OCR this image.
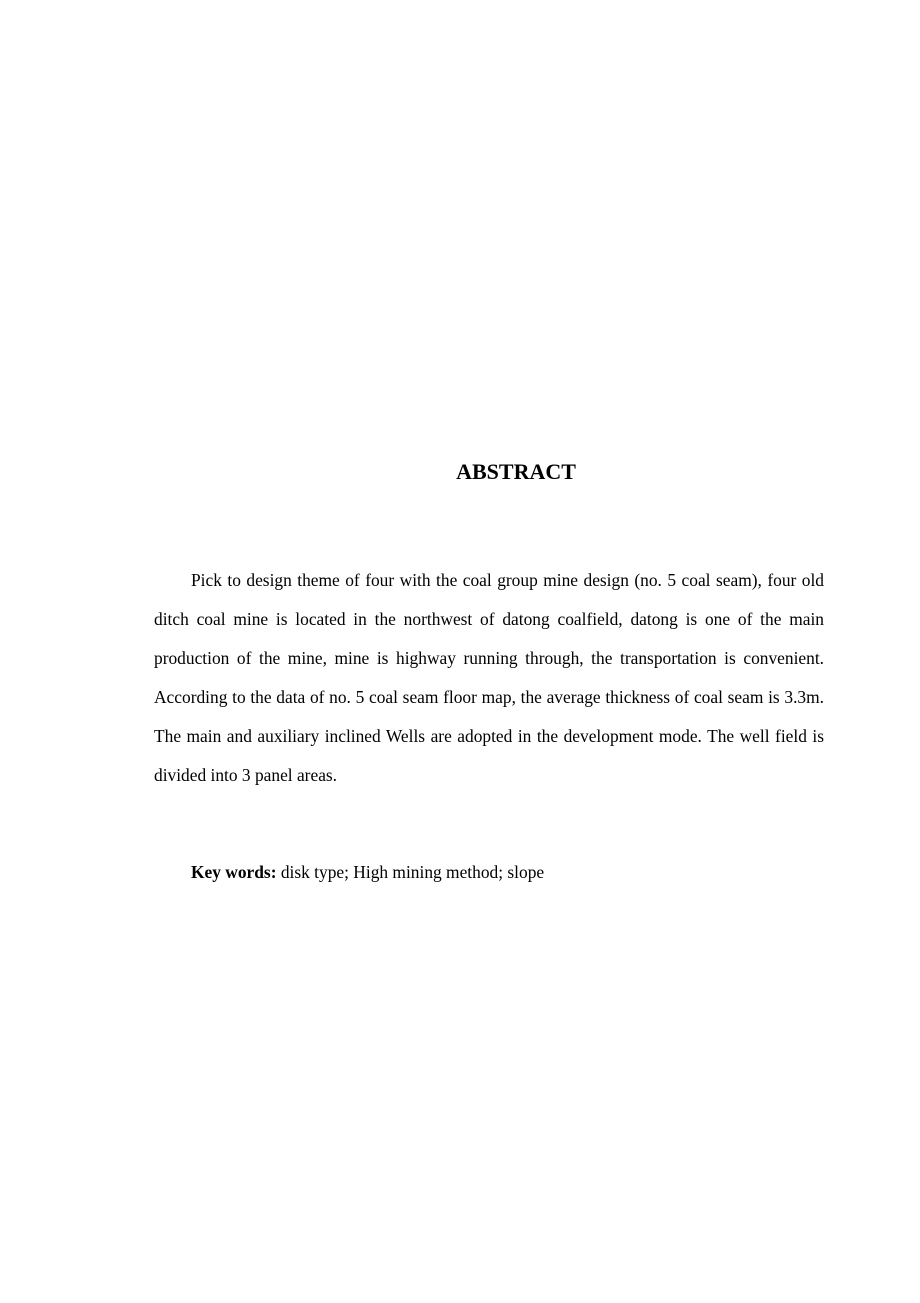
ABSTRACT

Pick to design theme of four with the coal group mine design (no. 5 coal seam), four old ditch coal mine is located in the northwest of datong coalfield, datong is one of the main production of the mine, mine is highway running through, the transportation is convenient. According to the data of no. 5 coal seam floor map, the average thickness of coal seam is 3.3m. The main and auxiliary inclined Wells are adopted in the development mode. The well field is divided into 3 panel areas.

Key words: disk type; High mining method; slope
